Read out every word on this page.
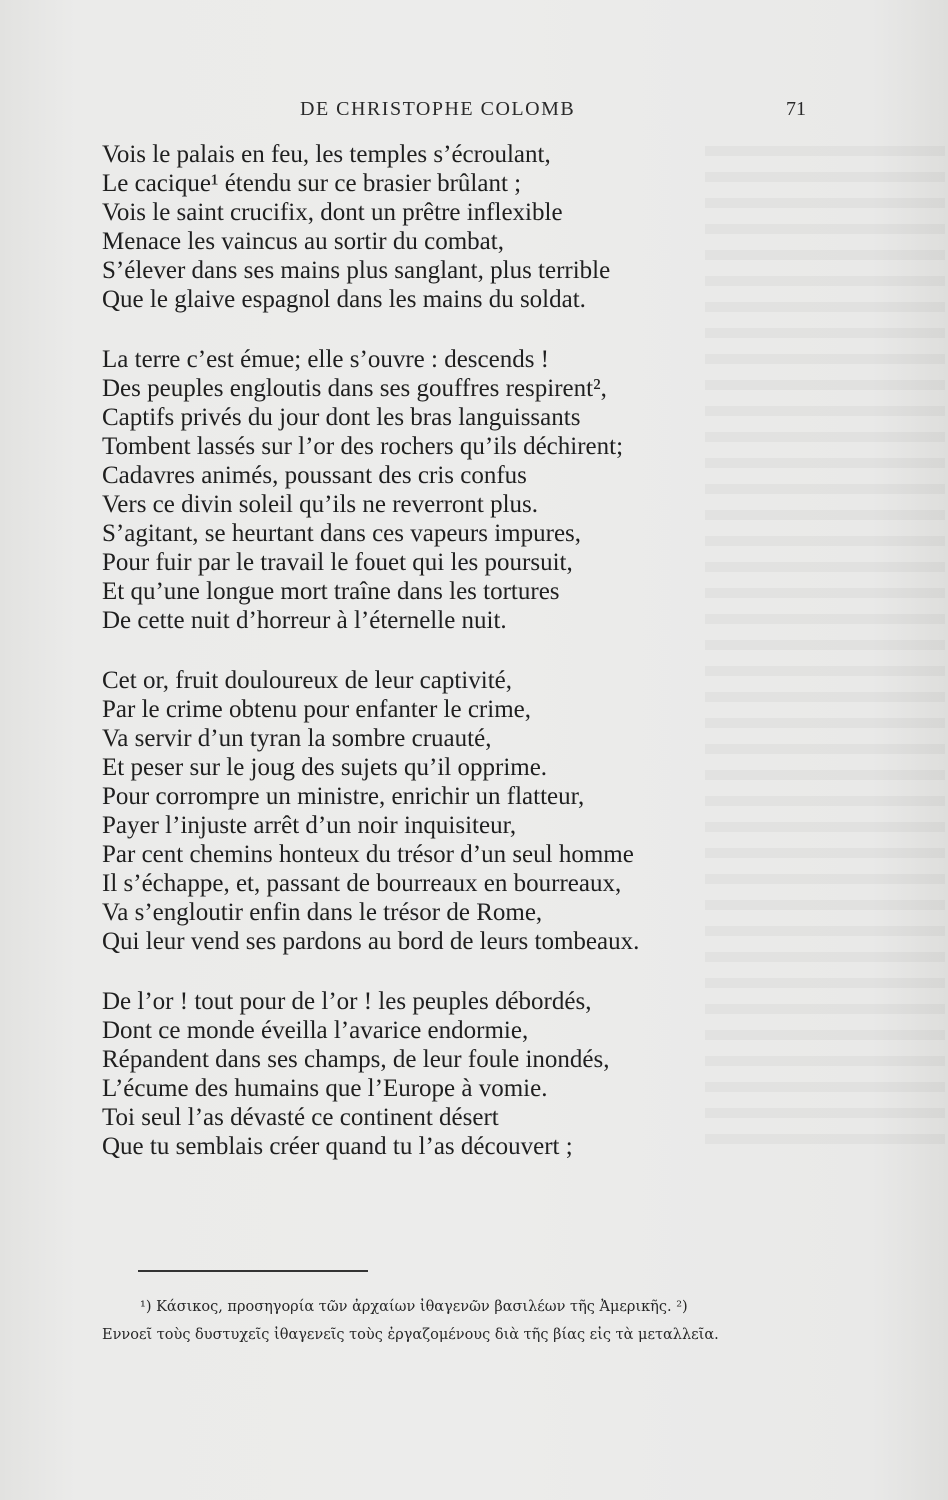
DE CHRISTOPHE COLOMB	71
Vois le palais en feu, les temples s’écroulant,
Le cacique¹ étendu sur ce brasier brûlant ;
Vois le saint crucifix, dont un prêtre inflexible
Menace les vaincus au sortir du combat,
S’élever dans ses mains plus sanglant, plus terrible
Que le glaive espagnol dans les mains du soldat.
La terre c’est émue; elle s’ouvre : descends !
Des peuples engloutis dans ses gouffres respirent²,
Captifs privés du jour dont les bras languissants
Tombent lassés sur l’or des rochers qu’ils déchirent;
Cadavres animés, poussant des cris confus
Vers ce divin soleil qu’ils ne reverront plus.
S’agitant, se heurtant dans ces vapeurs impures,
Pour fuir par le travail le fouet qui les poursuit,
Et qu’une longue mort traîne dans les tortures
De cette nuit d’horreur à l’éternelle nuit.
Cet or, fruit douloureux de leur captivité,
Par le crime obtenu pour enfanter le crime,
Va servir d’un tyran la sombre cruauté,
Et peser sur le joug des sujets qu’il opprime.
Pour corrompre un ministre, enrichir un flatteur,
Payer l’injuste arrêt d’un noir inquisiteur,
Par cent chemins honteux du trésor d’un seul homme
Il s’échappe, et, passant de bourreaux en bourreaux,
Va s’engloutir enfin dans le trésor de Rome,
Qui leur vend ses pardons au bord de leurs tombeaux.
De l’or ! tout pour de l’or ! les peuples débordés,
Dont ce monde éveilla l’avarice endormie,
Répandent dans ses champs, de leur foule inondés,
L’écume des humains que l’Europe à vomie.
Toi seul l’as dévasté ce continent désert
Que tu semblais créer quand tu l’as découvert ;
¹) Κάσικος, προσηγορία τῶν ἀρχαίων ἰθαγενῶν βασιλέων τῆς Ἀμερικῆς. ²)
Εννοεῖ τοὺς δυστυχεῖς ἰθαγενεῖς τοὺς ἐργαζομένους διὰ τῆς βίας εἰς τὰ μεταλλεῖα.
